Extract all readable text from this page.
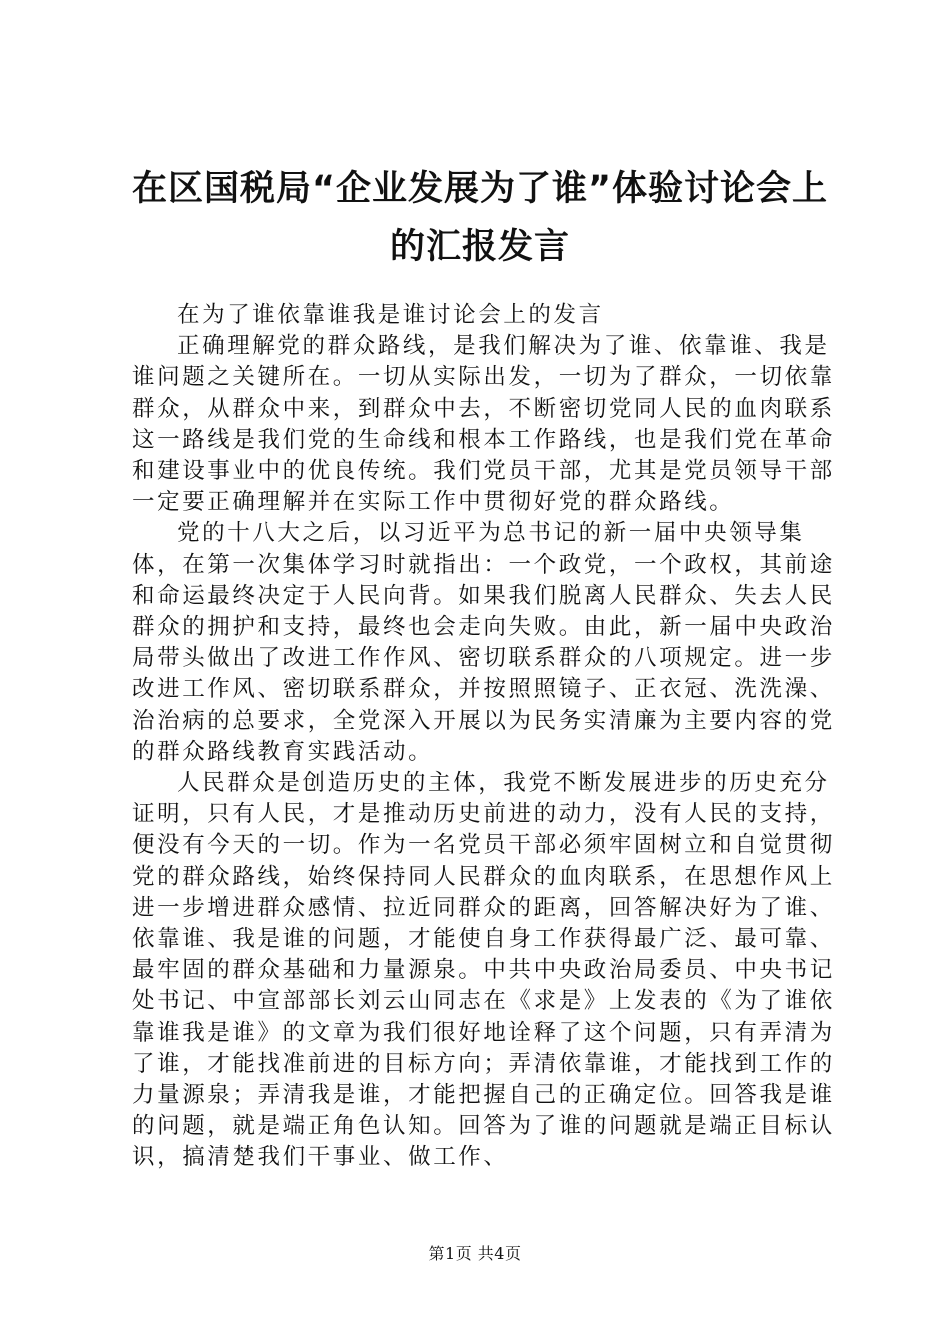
在区国税局“企业发展为了谁”体验讨论会上的汇报发言

在为了谁依靠谁我是谁讨论会上的发言

正确理解党的群众路线，是我们解决为了谁、依靠谁、我是谁问题之关键所在。一切从实际出发，一切为了群众，一切依靠群众，从群众中来，到群众中去，不断密切党同人民的血肉联系这一路线是我们党的生命线和根本工作路线，也是我们党在革命和建设事业中的优良传统。我们党员干部，尤其是党员领导干部一定要正确理解并在实际工作中贯彻好党的群众路线。

党的十八大之后，以习近平为总书记的新一届中央领导集体，在第一次集体学习时就指出：一个政党，一个政权，其前途和命运最终决定于人民向背。如果我们脱离人民群众、失去人民群众的拥护和支持，最终也会走向失败。由此，新一届中央政治局带头做出了改进工作作风、密切联系群众的八项规定。进一步改进工作风、密切联系群众，并按照照镜子、正衣冠、洗洗澡、治治病的总要求，全党深入开展以为民务实清廉为主要内容的党的群众路线教育实践活动。

人民群众是创造历史的主体，我党不断发展进步的历史充分证明，只有人民，才是推动历史前进的动力，没有人民的支持，便没有今天的一切。作为一名党员干部必须牢固树立和自觉贯彻党的群众路线，始终保持同人民群众的血肉联系，在思想作风上进一步增进群众感情、拉近同群众的距离，回答解决好为了谁、依靠谁、我是谁的问题，才能使自身工作获得最广泛、最可靠、最牢固的群众基础和力量源泉。中共中央政治局委员、中央书记处书记、中宣部部长刘云山同志在《求是》上发表的《为了谁依靠谁我是谁》的文章为我们很好地诠释了这个问题，只有弄清为了谁，才能找准前进的目标方向；弄清依靠谁，才能找到工作的力量源泉；弄清我是谁，才能把握自己的正确定位。回答我是谁的问题，就是端正角色认知。回答为了谁的问题就是端正目标认识，搞清楚我们干事业、做工作、

第1页 共4页
